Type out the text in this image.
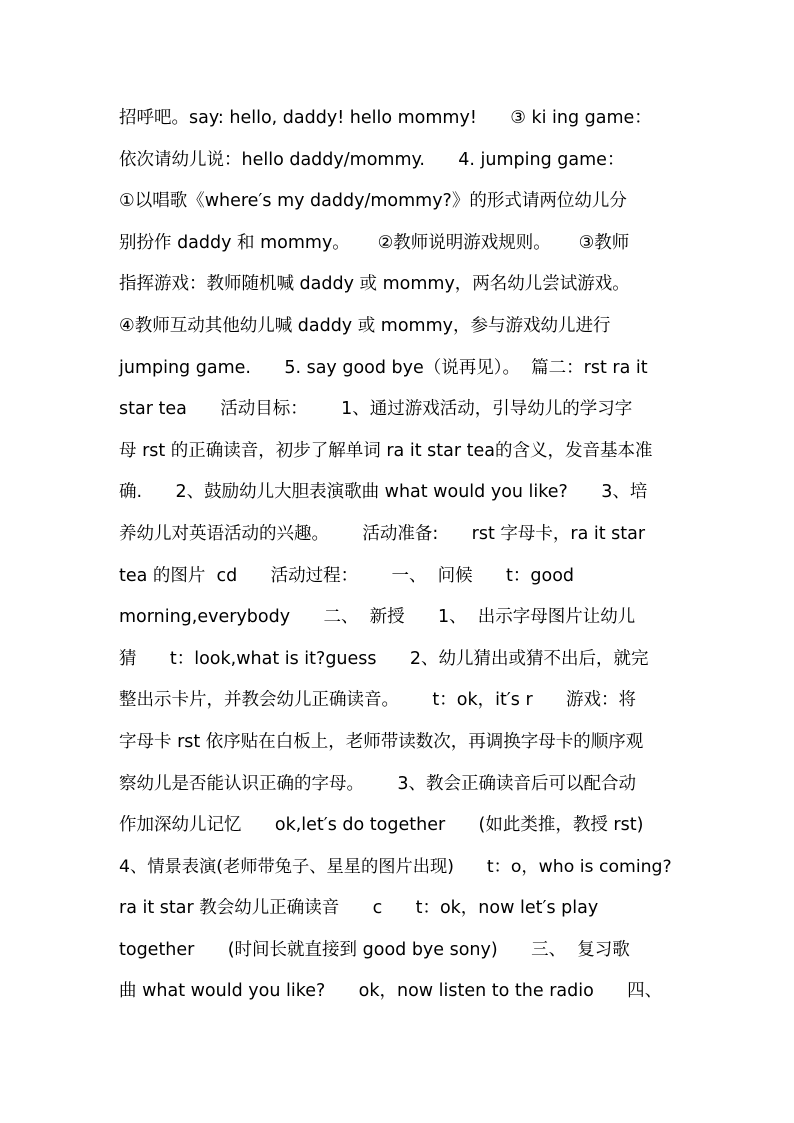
招呼吧。say: hello, daddy! hello mommy!      ③ ki ing game：
依次请幼儿说：hello daddy/mommy.      4. jumping game：
①以唱歌《where′s my daddy/mommy?》的形式请两位幼儿分
别扮作 daddy 和 mommy。     ②教师说明游戏规则。     ③教师
指挥游戏：教师随机喊 daddy 或 mommy，两名幼儿尝试游戏。
④教师互动其他幼儿喊 daddy 或 mommy，参与游戏幼儿进行
jumping game.      5. say good bye（说再见）。  篇二：rst ra it
star tea      活动目标：      1、通过游戏活动，引导幼儿的学习字
母 rst 的正确读音，初步了解单词 ra it star tea的含义，发音基本准
确.      2、鼓励幼儿大胆表演歌曲 what would you like?      3、培
养幼儿对英语活动的兴趣。      活动准备:      rst 字母卡，ra it star
tea 的图片  cd      活动过程：      一、  问候      t：good
morning,everybody      二、  新授      1、  出示字母图片让幼儿
猜      t：look,what is it?guess      2、幼儿猜出或猜不出后，就完
整出示卡片，并教会幼儿正确读音。      t：ok，it′s r      游戏：将
字母卡 rst 依序贴在白板上，老师带读数次，再调换字母卡的顺序观
察幼儿是否能认识正确的字母。      3、教会正确读音后可以配合动
作加深幼儿记忆      ok,let′s do together      (如此类推，教授 rst)
4、情景表演(老师带兔子、星星的图片出现)      t：o，who is coming?
ra it star 教会幼儿正确读音      c      t：ok，now let′s play
together      (时间长就直接到 good bye sony)      三、  复习歌
曲 what would you like?      ok，now listen to the radio      四、
